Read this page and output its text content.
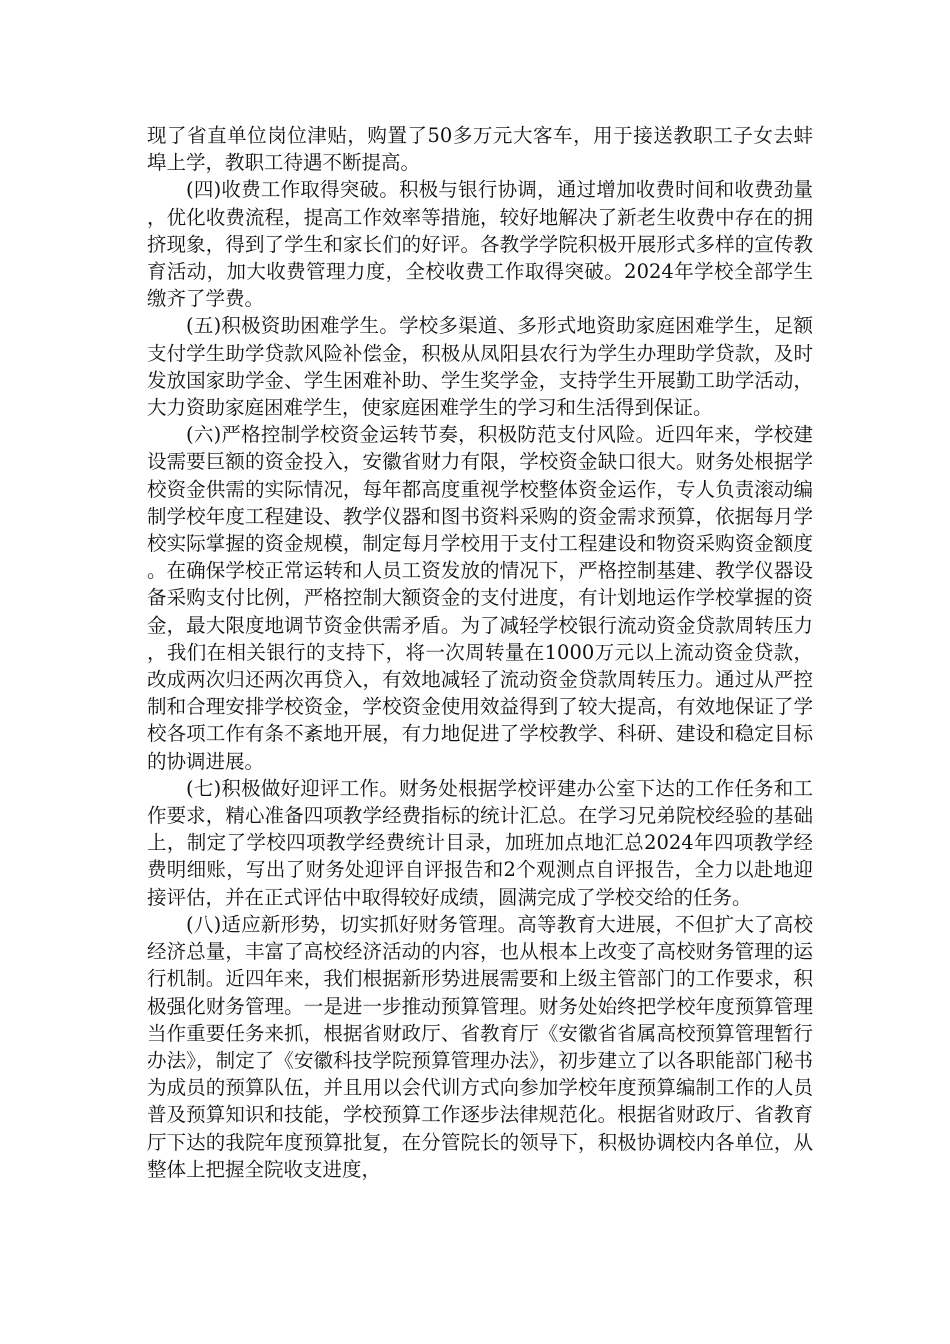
现了省直单位岗位津贴，购置了50多万元大客车，用于接送教职工子女去蚌埠上学，教职工待遇不断提高。

(四)收费工作取得突破。积极与银行协调，通过增加收费时间和收费劲量，优化收费流程，提高工作效率等措施，较好地解决了新老生收费中存在的拥挤现象，得到了学生和家长们的好评。各教学学院积极开展形式多样的宣传教育活动，加大收费管理力度，全校收费工作取得突破。2024年学校全部学生缴齐了学费。

(五)积极资助困难学生。学校多渠道、多形式地资助家庭困难学生，足额支付学生助学贷款风险补偿金，积极从凤阳县农行为学生办理助学贷款，及时发放国家助学金、学生困难补助、学生奖学金，支持学生开展勤工助学活动，大力资助家庭困难学生，使家庭困难学生的学习和生活得到保证。

(六)严格控制学校资金运转节奏，积极防范支付风险。近四年来，学校建设需要巨额的资金投入，安徽省财力有限，学校资金缺口很大。财务处根据学校资金供需的实际情况，每年都高度重视学校整体资金运作，专人负责滚动编制学校年度工程建设、教学仪器和图书资料采购的资金需求预算，依据每月学校实际掌握的资金规模，制定每月学校用于支付工程建设和物资采购资金额度。在确保学校正常运转和人员工资发放的情况下，严格控制基建、教学仪器设备采购支付比例，严格控制大额资金的支付进度，有计划地运作学校掌握的资金，最大限度地调节资金供需矛盾。为了减轻学校银行流动资金贷款周转压力，我们在相关银行的支持下，将一次周转量在1000万元以上流动资金贷款，改成两次归还两次再贷入，有效地减轻了流动资金贷款周转压力。通过从严控制和合理安排学校资金，学校资金使用效益得到了较大提高，有效地保证了学校各项工作有条不紊地开展，有力地促进了学校教学、科研、建设和稳定目标的协调进展。

(七)积极做好迎评工作。财务处根据学校评建办公室下达的工作任务和工作要求，精心准备四项教学经费指标的统计汇总。在学习兄弟院校经验的基础上，制定了学校四项教学经费统计目录，加班加点地汇总2024年四项教学经费明细账，写出了财务处迎评自评报告和2个观测点自评报告，全力以赴地迎接评估，并在正式评估中取得较好成绩，圆满完成了学校交给的任务。

(八)适应新形势，切实抓好财务管理。高等教育大进展，不但扩大了高校经济总量，丰富了高校经济活动的内容，也从根本上改变了高校财务管理的运行机制。近四年来，我们根据新形势进展需要和上级主管部门的工作要求，积极强化财务管理。一是进一步推动预算管理。财务处始终把学校年度预算管理当作重要任务来抓，根据省财政厅、省教育厅《安徽省省属高校预算管理暂行办法》，制定了《安徽科技学院预算管理办法》，初步建立了以各职能部门秘书为成员的预算队伍，并且用以会代训方式向参加学校年度预算编制工作的人员普及预算知识和技能，学校预算工作逐步法律规范化。根据省财政厅、省教育厅下达的我院年度预算批复，在分管院长的领导下，积极协调校内各单位，从整体上把握全院收支进度，
